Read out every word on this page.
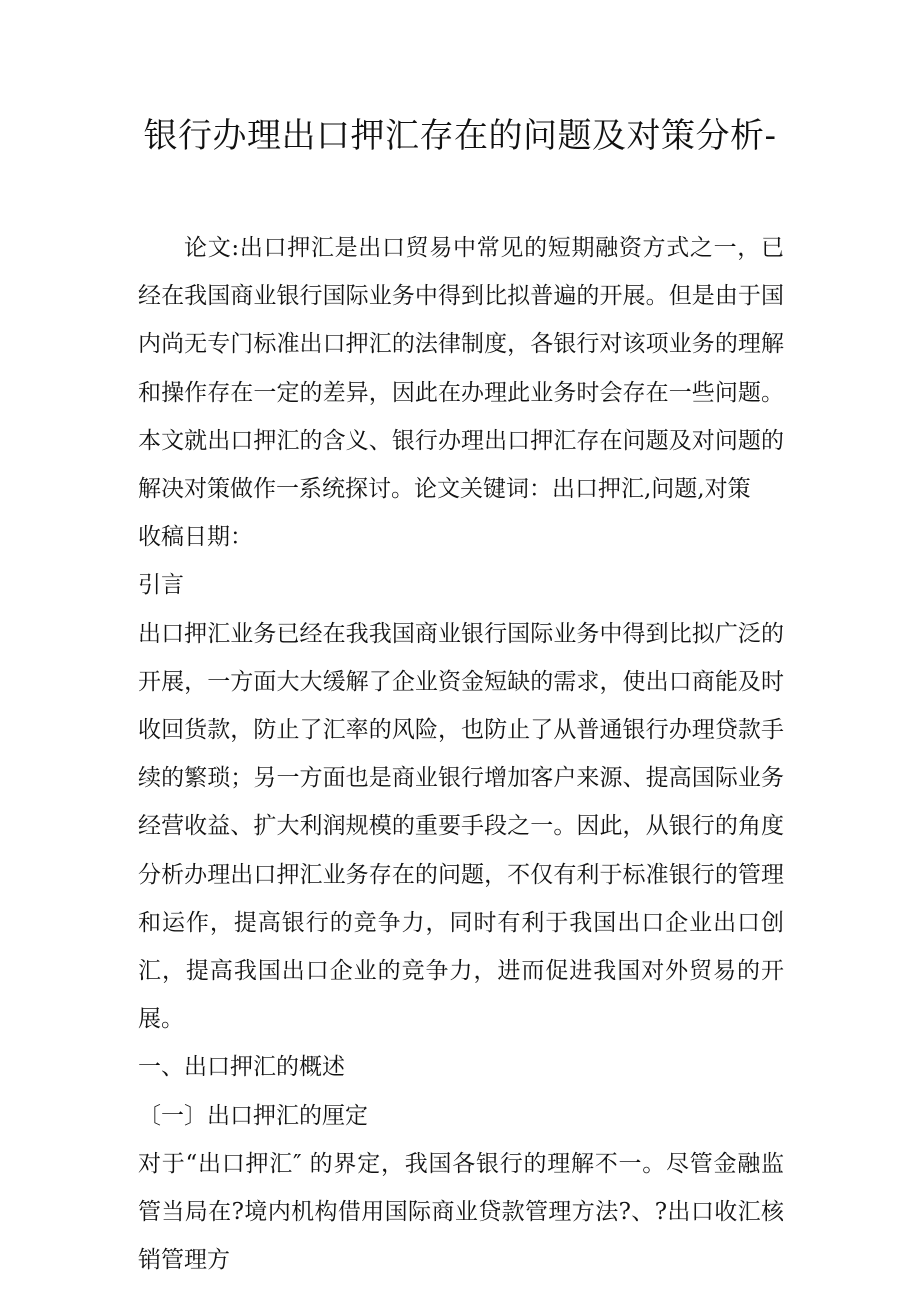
银行办理出口押汇存在的问题及对策分析-

论文:出口押汇是出口贸易中常见的短期融资方式之一，已经在我国商业银行国际业务中得到比拟普遍的开展。但是由于国内尚无专门标准出口押汇的法律制度，各银行对该项业务的理解和操作存在一定的差异，因此在办理此业务时会存在一些问题。本文就出口押汇的含义、银行办理出口押汇存在问题及对问题的解决对策做作一系统探讨。论文关键词：出口押汇,问题,对策

收稿日期：

引言

出口押汇业务已经在我我国商业银行国际业务中得到比拟广泛的开展，一方面大大缓解了企业资金短缺的需求，使出口商能及时收回货款，防止了汇率的风险，也防止了从普通银行办理贷款手续的繁琐；另一方面也是商业银行增加客户来源、提高国际业务经营收益、扩大利润规模的重要手段之一。因此，从银行的角度分析办理出口押汇业务存在的问题，不仅有利于标准银行的管理和运作，提高银行的竞争力，同时有利于我国出口企业出口创汇，提高我国出口企业的竞争力，进而促进我国对外贸易的开展。

一、出口押汇的概述

〔一〕出口押汇的厘定

对于“出口押汇″ 的界定，我国各银行的理解不一。尽管金融监管当局在?境内机构借用国际商业贷款管理方法?、?出口收汇核销管理方
